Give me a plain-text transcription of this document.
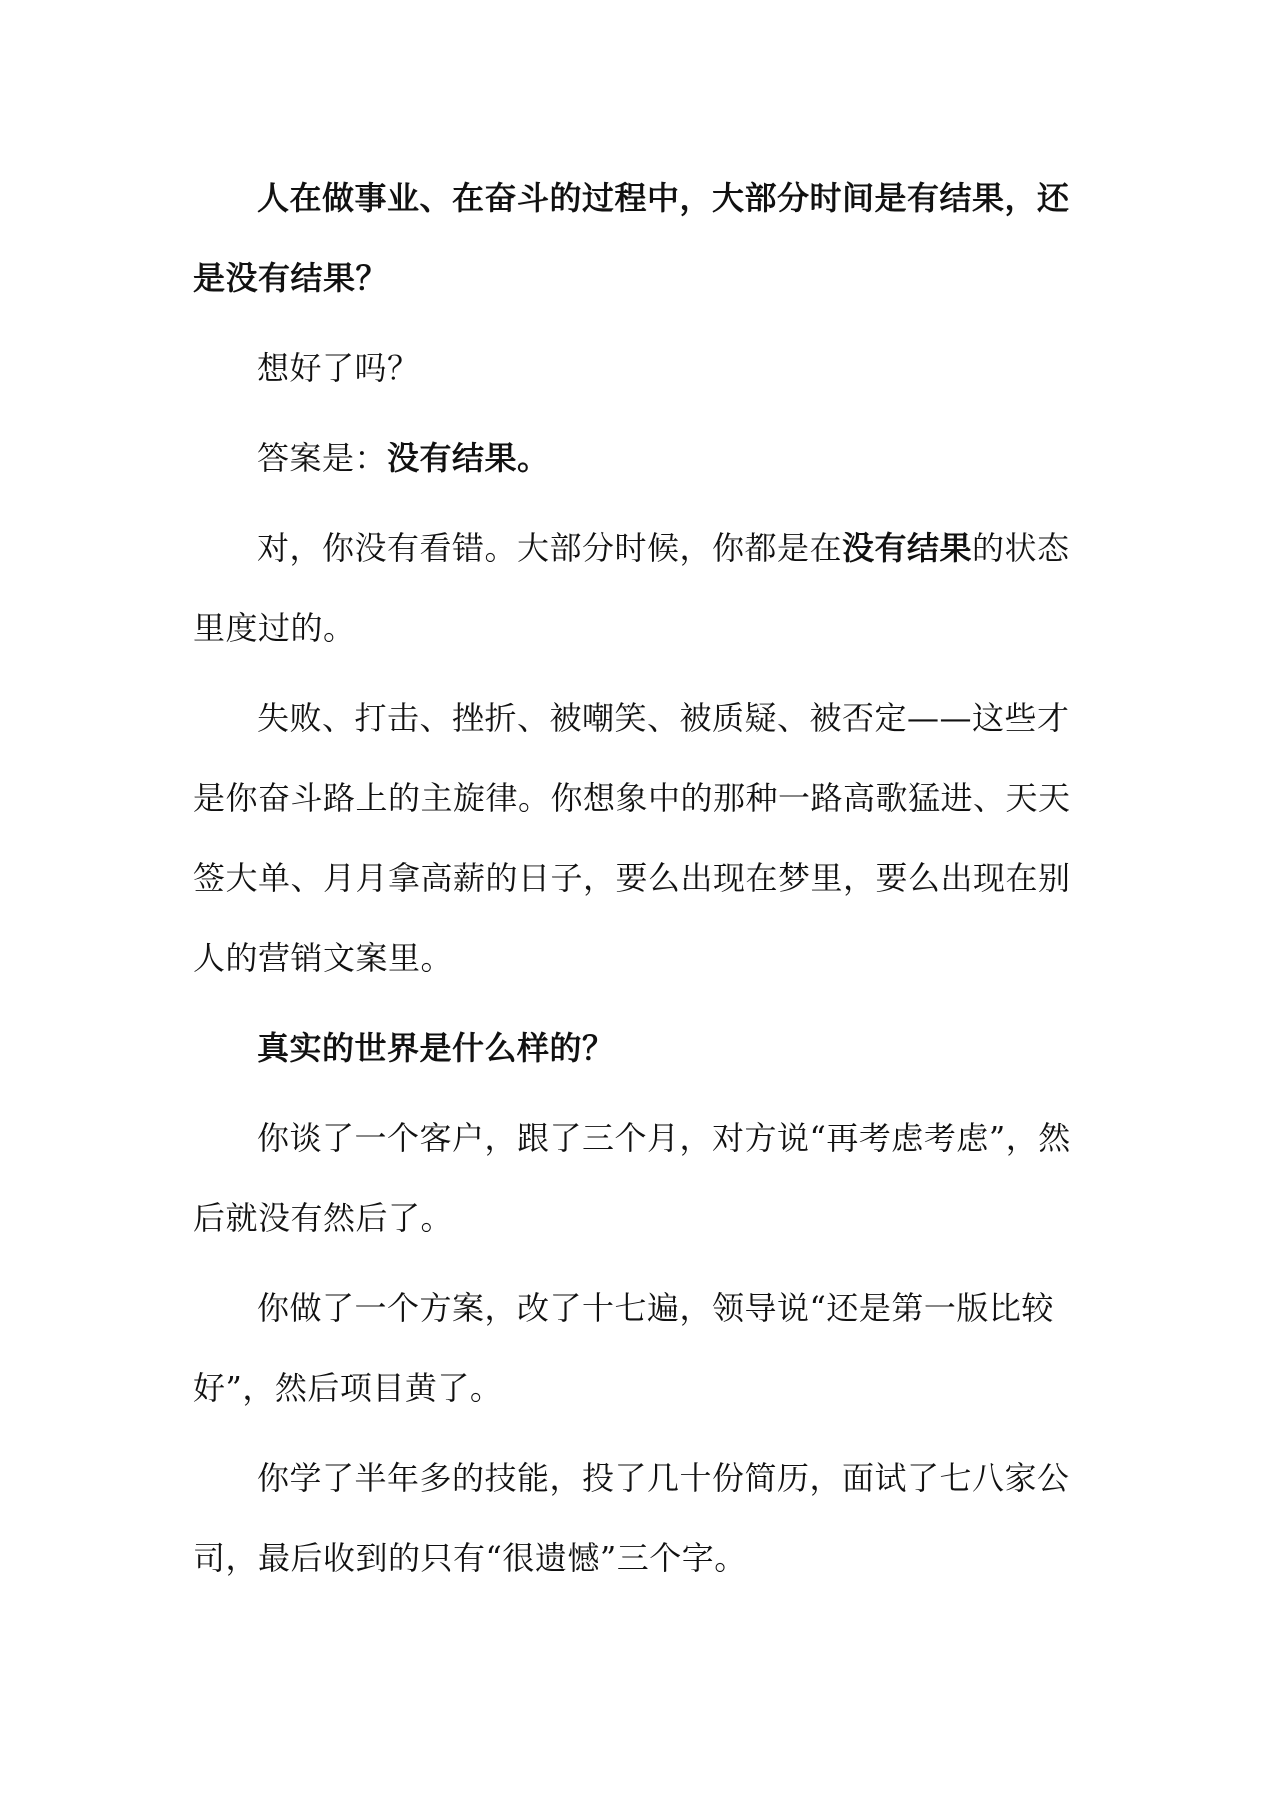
人在做事业、在奋斗的过程中，大部分时间是有结果，还是没有结果？

想好了吗？

答案是：没有结果。

对，你没有看错。大部分时候，你都是在没有结果的状态里度过的。

失败、打击、挫折、被嘲笑、被质疑、被否定——这些才是你奋斗路上的主旋律。你想象中的那种一路高歌猛进、天天签大单、月月拿高薪的日子，要么出现在梦里，要么出现在别人的营销文案里。

真实的世界是什么样的？

你谈了一个客户，跟了三个月，对方说“再考虑考虑”，然后就没有然后了。

你做了一个方案，改了十七遍，领导说“还是第一版比较好”，然后项目黄了。

你学了半年多的技能，投了几十份简历，面试了七八家公司，最后收到的只有“很遗憾”三个字。
